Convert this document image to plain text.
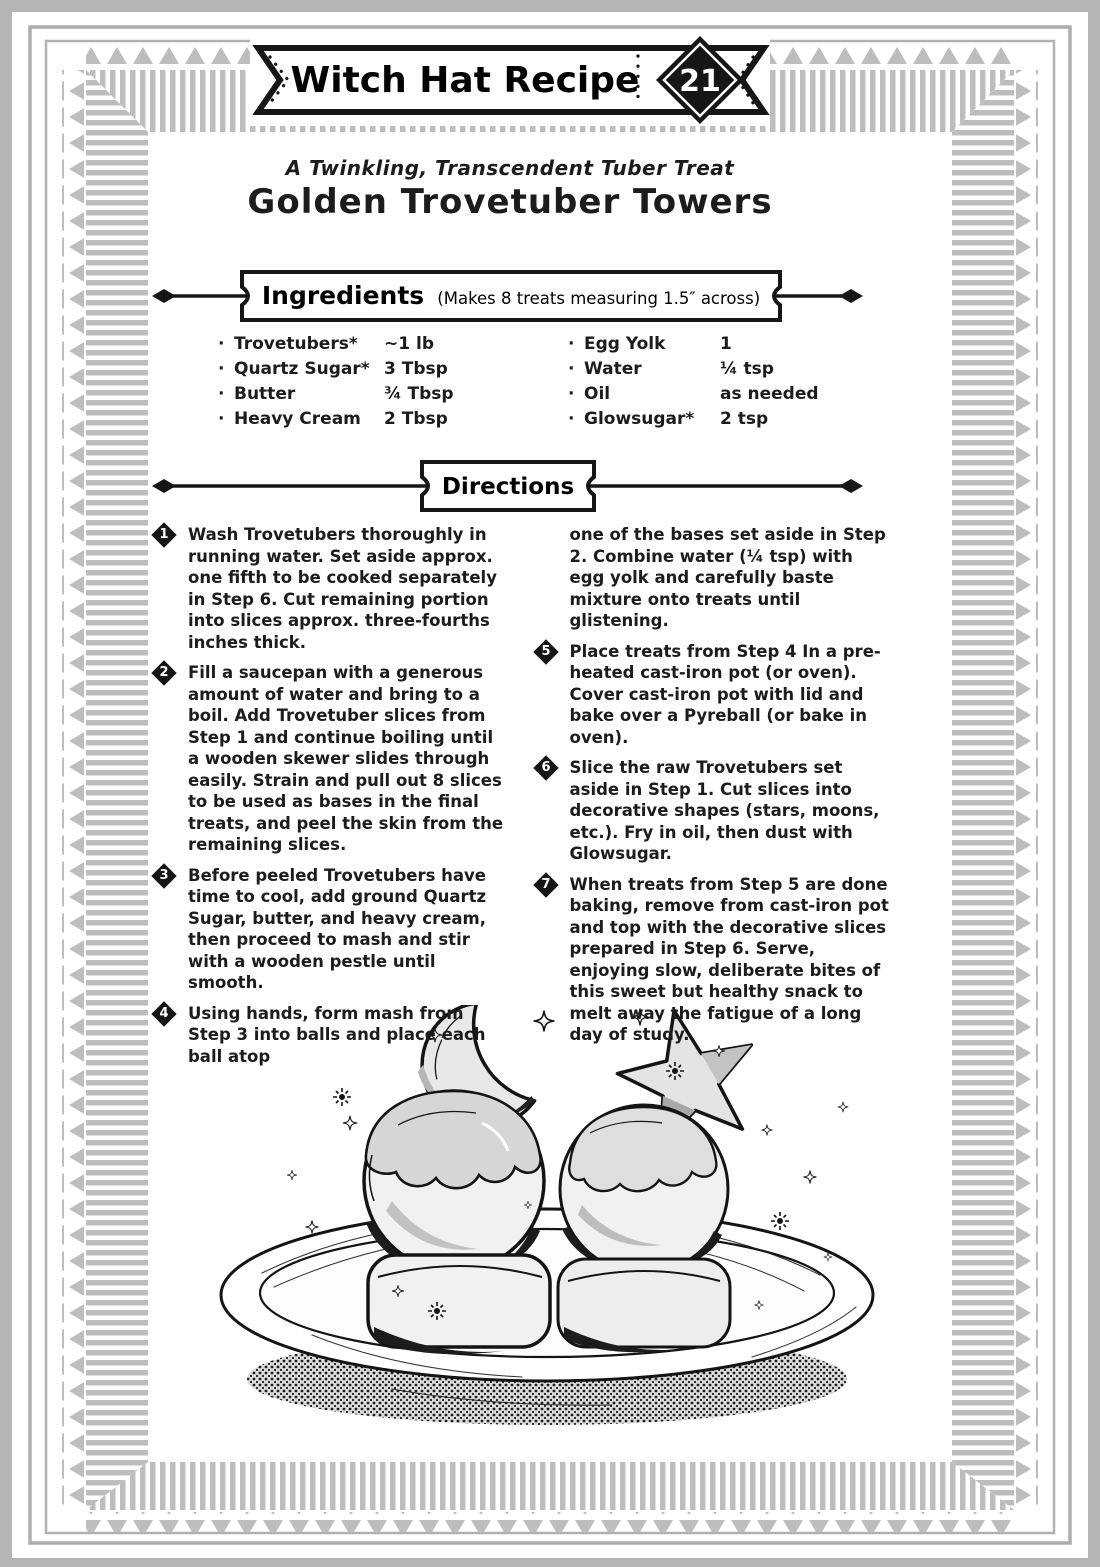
Witch Hat Recipe 21
A Twinkling, Transcendent Tuber Treat
Golden Trovetuber Towers
Ingredients (Makes 8 treats measuring 1.5″ across)
· Trovetubers*	~1 lb
· Quartz Sugar* 3 Tbsp
· Butter	¾ Tbsp
· Heavy Cream	2 Tbsp
· Egg Yolk	1
· Water	¼ tsp
· Oil	as needed
· Glowsugar*	2 tsp
Directions
1 Wash Trovetubers thoroughly in running water. Set aside approx. one fifth to be cooked separately in Step 6. Cut remaining portion into slices approx. three-fourths inches thick.
2 Fill a saucepan with a generous amount of water and bring to a boil. Add Trovetuber slices from Step 1 and continue boiling until a wooden skewer slides through easily. Strain and pull out 8 slices to be used as bases in the final treats, and peel the skin from the remaining slices.
3 Before peeled Trovetubers have time to cool, add ground Quartz Sugar, butter, and heavy cream, then proceed to mash and stir with a wooden pestle until smooth.
4 Using hands, form mash from Step 3 into balls and place each ball atop
one of the bases set aside in Step 2. Combine water (¼ tsp) with egg yolk and carefully baste mixture onto treats until glistening.
5 Place treats from Step 4 In a pre-heated cast-iron pot (or oven). Cover cast-iron pot with lid and bake over a Pyreball (or bake in oven).
6 Slice the raw Trovetubers set aside in Step 1. Cut slices into decorative shapes (stars, moons, etc.). Fry in oil, then dust with Glowsugar.
7 When treats from Step 5 are done baking, remove from cast-iron pot and top with the decorative slices prepared in Step 6. Serve, enjoying slow, deliberate bites of this sweet but healthy snack to melt away the fatigue of a long day of study.
